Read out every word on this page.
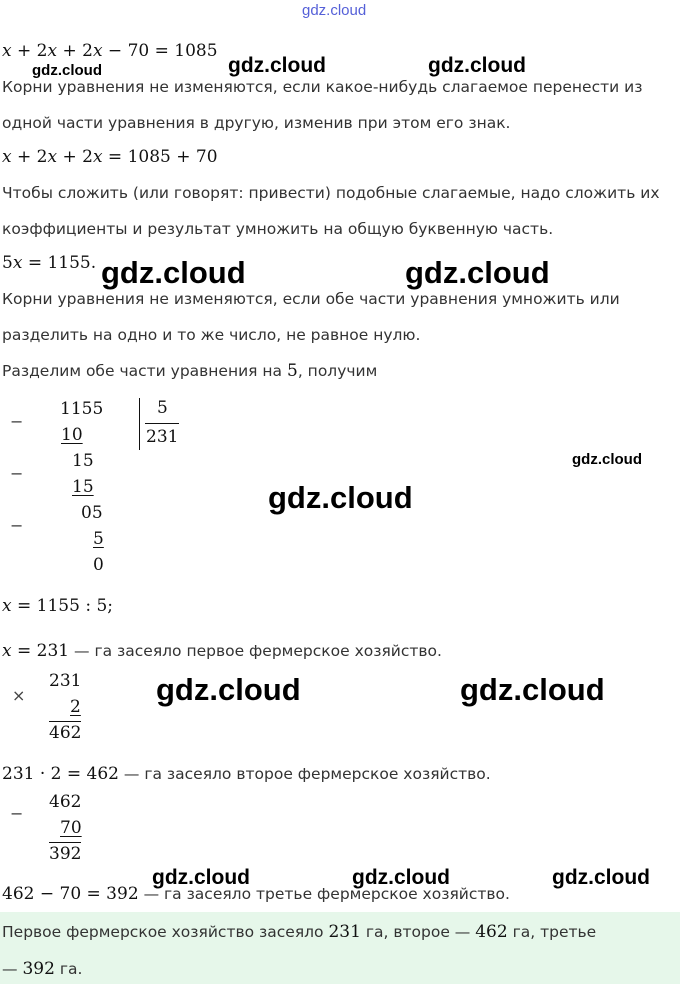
gdz.cloud
x + 2x + 2x − 70 = 1085
Корни уравнения не изменяются, если какое-нибудь слагаемое перенести из
одной части уравнения в другую, изменив при этом его знак.
x + 2x + 2x = 1085 + 70
Чтобы сложить (или говорят: привести) подобные слагаемые, надо сложить их
коэффициенты и результат умножить на общую буквенную часть.
5x = 1155.
Корни уравнения не изменяются, если обе части уравнения умножить или
разделить на одно и то же число, не равное нулю.
Разделим обе части уравнения на 5, получим
−
1155	5
231
10
−
15
15
−
05
5
0
x = 1155 : 5;
x = 231 — га засеяло первое фермерское хозяйство.
×
231
2
462
231 · 2 = 462 — га засеяло второе фермерское хозяйство.
−
462
70
392
462 − 70 = 392 — га засеяло третье фермерское хозяйство.
Первое фермерское хозяйство засеяло 231 га, второе — 462 га, третье
— 392 га.
gdz.cloud	gdz.cloud	gdz.cloud
gdz.cloud	gdz.cloud
gdz.cloud
gdz.cloud
gdz.cloud	gdz.cloud
gdz.cloud	gdz.cloud	gdz.cloud
